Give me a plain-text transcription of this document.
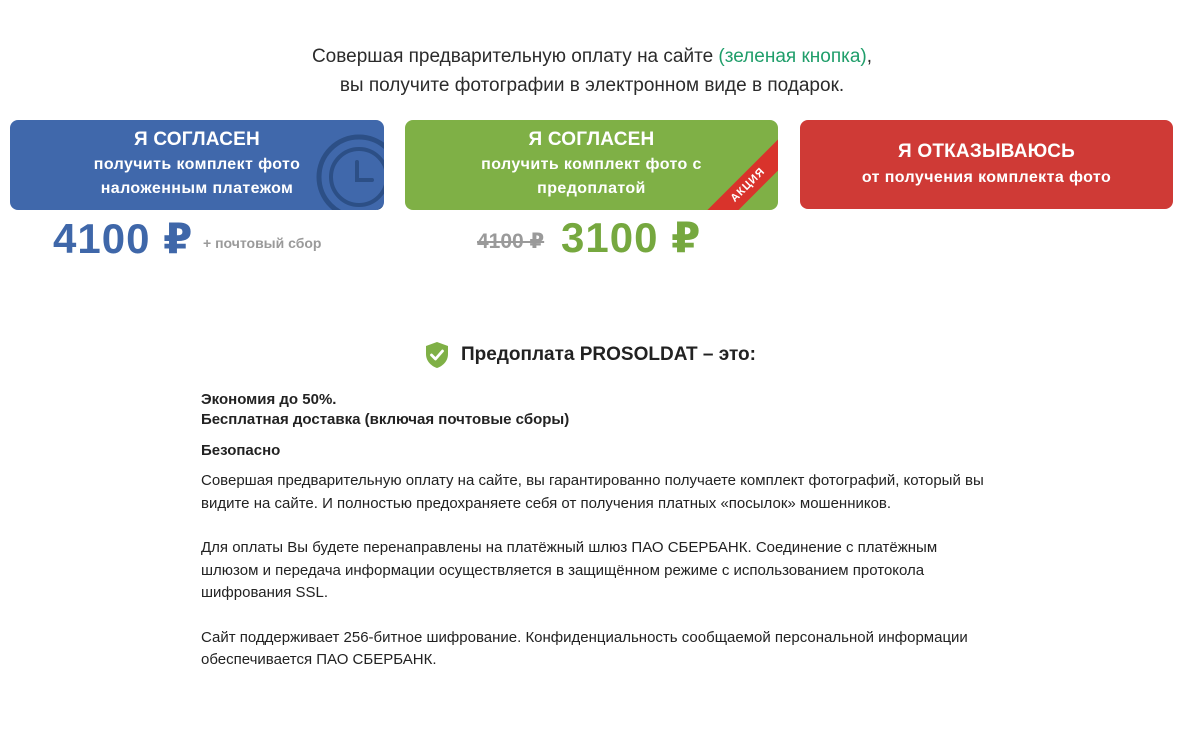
Совершая предварительную оплату на сайте (зеленая кнопка),
вы получите фотографии в электронном виде в подарок.
Я СОГЛАСЕН
получить комплект фото
наложенным платежом
Я СОГЛАСЕН
получить комплект фото с
предоплатой	АКЦИЯ
Я ОТКАЗЫВАЮСЬ
от получения комплекта фото
4100 ₽ + почтовый сбор	4100 ₽ 3100 ₽
Предоплата PROSOLDAT – это:
Экономия до 50%.
Бесплатная доставка (включая почтовые сборы)
Безопасно

Совершая предварительную оплату на сайте, вы гарантированно получаете комплект фотографий, который вы видите на сайте. И полностью предохраняете себя от получения платных «посылок» мошенников.

Для оплаты Вы будете перенаправлены на платёжный шлюз ПАО СБЕРБАНК. Соединение с платёжным шлюзом и передача информации осуществляется в защищённом режиме с использованием протокола шифрования SSL.

Сайт поддерживает 256-битное шифрование. Конфиденциальность сообщаемой персональной информации обеспечивается ПАО СБЕРБАНК.
